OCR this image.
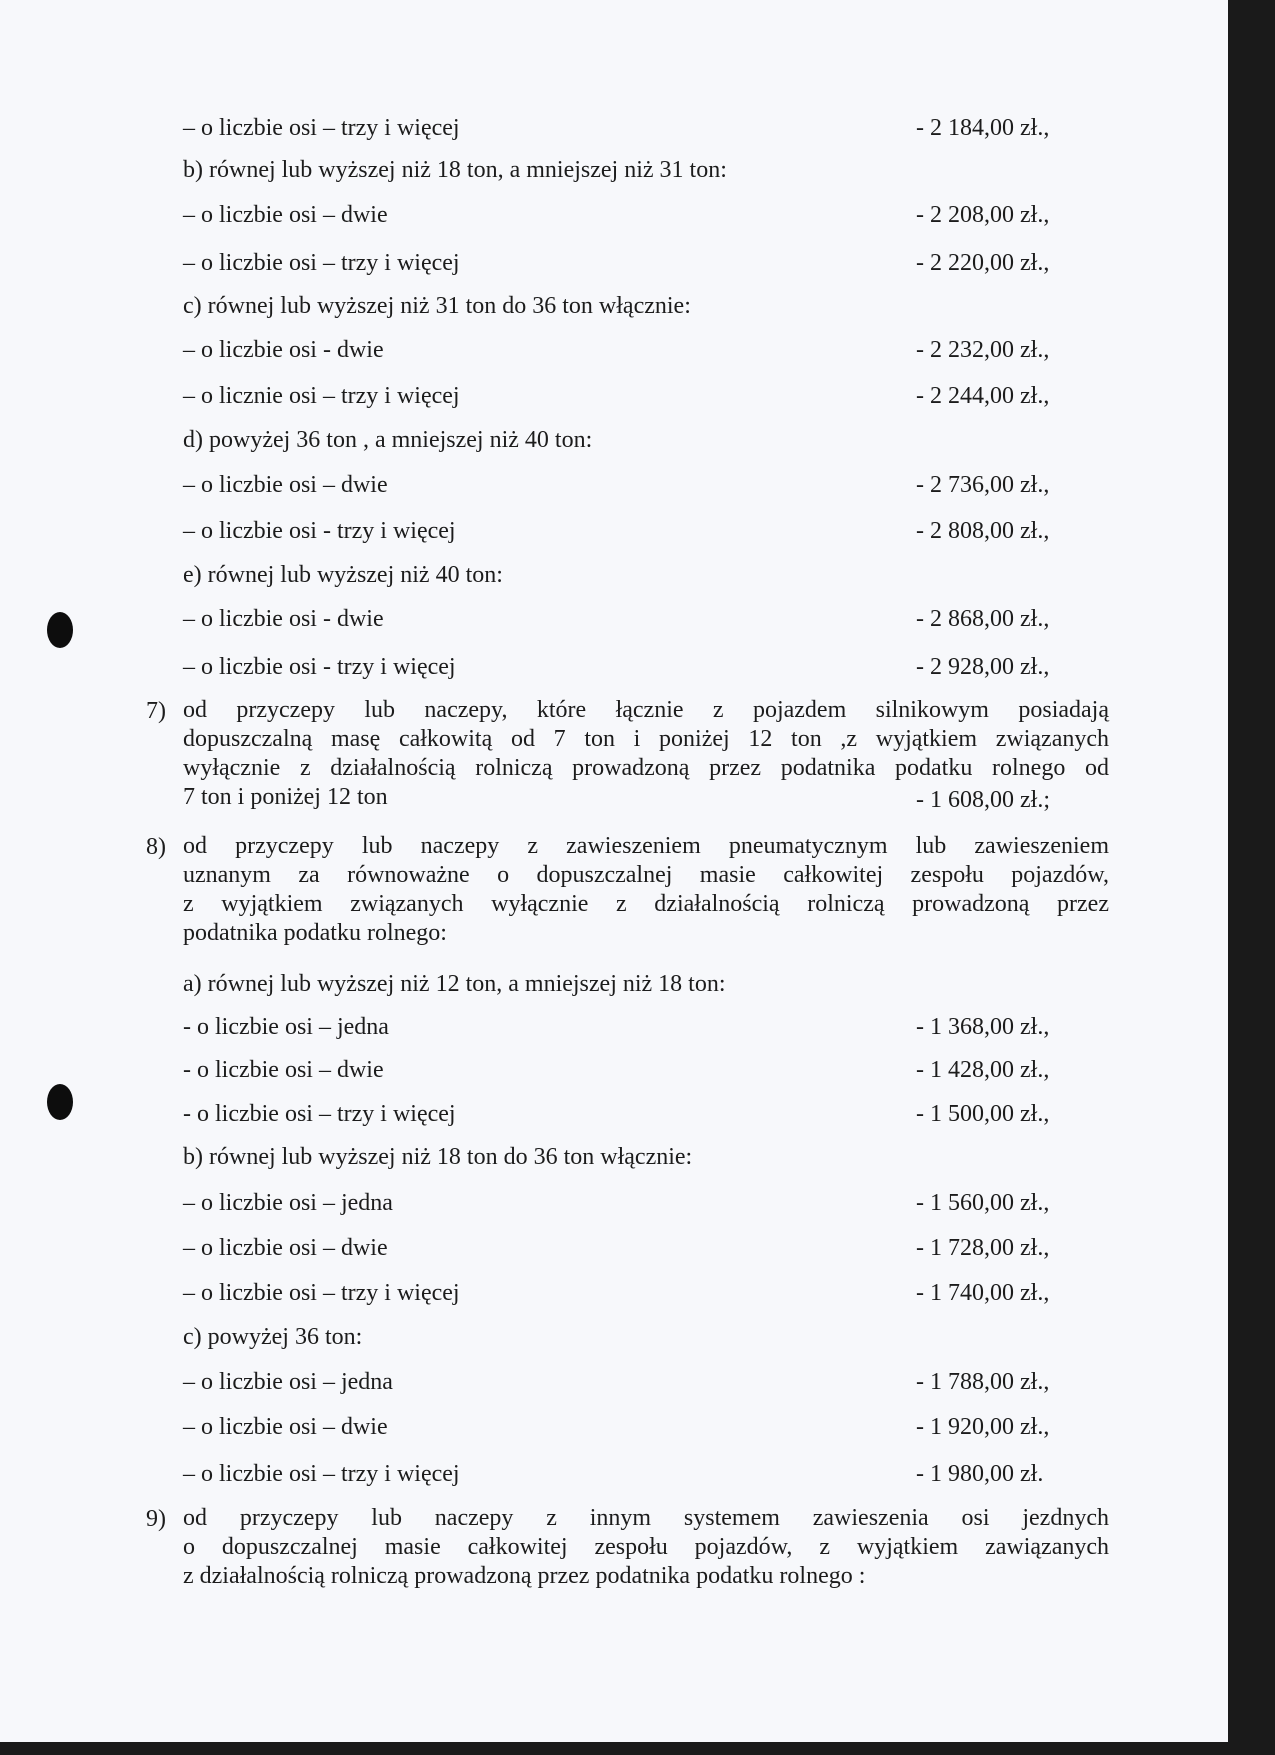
– o liczbie osi – trzy i więcej	- 2 184,00 zł.,
b) równej lub wyższej niż 18 ton, a mniejszej niż 31 ton:
– o liczbie osi – dwie	- 2 208,00 zł.,
– o liczbie osi – trzy i więcej	- 2 220,00 zł.,
c) równej lub wyższej niż 31 ton do 36 ton włącznie:
– o liczbie osi - dwie	- 2 232,00 zł.,
– o licznie osi – trzy i więcej	- 2 244,00 zł.,
d) powyżej 36 ton , a mniejszej niż 40 ton:
– o liczbie osi – dwie	- 2 736,00 zł.,
– o liczbie osi - trzy i więcej	- 2 808,00 zł.,
e) równej lub wyższej niż 40 ton:
– o liczbie osi - dwie	- 2 868,00 zł.,
– o liczbie osi - trzy i więcej	- 2 928,00 zł.,
7) od przyczepy lub naczepy, które łącznie z pojazdem silnikowym posiadają
dopuszczalną masę całkowitą od 7 ton i poniżej 12 ton ,z wyjątkiem związanych
wyłącznie z działalnością rolniczą prowadzoną przez podatnika podatku rolnego od
7 ton i poniżej 12 ton	- 1 608,00 zł.;
8) od przyczepy lub naczepy z zawieszeniem pneumatycznym lub zawieszeniem
uznanym za równoważne o dopuszczalnej masie całkowitej zespołu pojazdów,
z wyjątkiem związanych wyłącznie z działalnością rolniczą prowadzoną przez
podatnika podatku rolnego:
a) równej lub wyższej niż 12 ton, a mniejszej niż 18 ton:
- o liczbie osi – jedna	- 1 368,00 zł.,
- o liczbie osi – dwie	- 1 428,00 zł.,
- o liczbie osi – trzy i więcej	- 1 500,00 zł.,
b) równej lub wyższej niż 18 ton do 36 ton włącznie:
– o liczbie osi – jedna	- 1 560,00 zł.,
– o liczbie osi – dwie	- 1 728,00 zł.,
– o liczbie osi – trzy i więcej	- 1 740,00 zł.,
c) powyżej 36 ton:
– o liczbie osi – jedna	- 1 788,00 zł.,
– o liczbie osi – dwie	- 1 920,00 zł.,
– o liczbie osi – trzy i więcej	- 1 980,00 zł.
9) od przyczepy lub naczepy z innym systemem zawieszenia osi jezdnych
o dopuszczalnej masie całkowitej zespołu pojazdów, z wyjątkiem zawiązanych
z działalnością rolniczą prowadzoną przez podatnika podatku rolnego :
